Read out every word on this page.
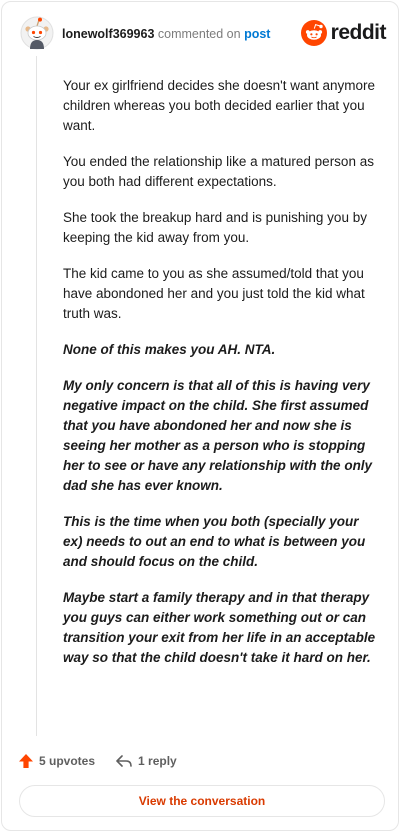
lonewolf369963 commented on post	reddit

Your ex girlfriend decides she doesn't want anymore children whereas you both decided earlier that you want.

You ended the relationship like a matured person as you both had different expectations.

She took the breakup hard and is punishing you by keeping the kid away from you.

The kid came to you as she assumed/told that you have abondoned her and you just told the kid what truth was.

None of this makes you AH. NTA.

My only concern is that all of this is having very negative impact on the child. She first assumed that you have abondoned her and now she is seeing her mother as a person who is stopping her to see or have any relationship with the only dad she has ever known.

This is the time when you both (specially your ex) needs to out an end to what is between you and should focus on the child.

Maybe start a family therapy and in that therapy you guys can either work something out or can transition your exit from her life in an acceptable way so that the child doesn't take it hard on her.

5 upvotes	1 reply
View the conversation
